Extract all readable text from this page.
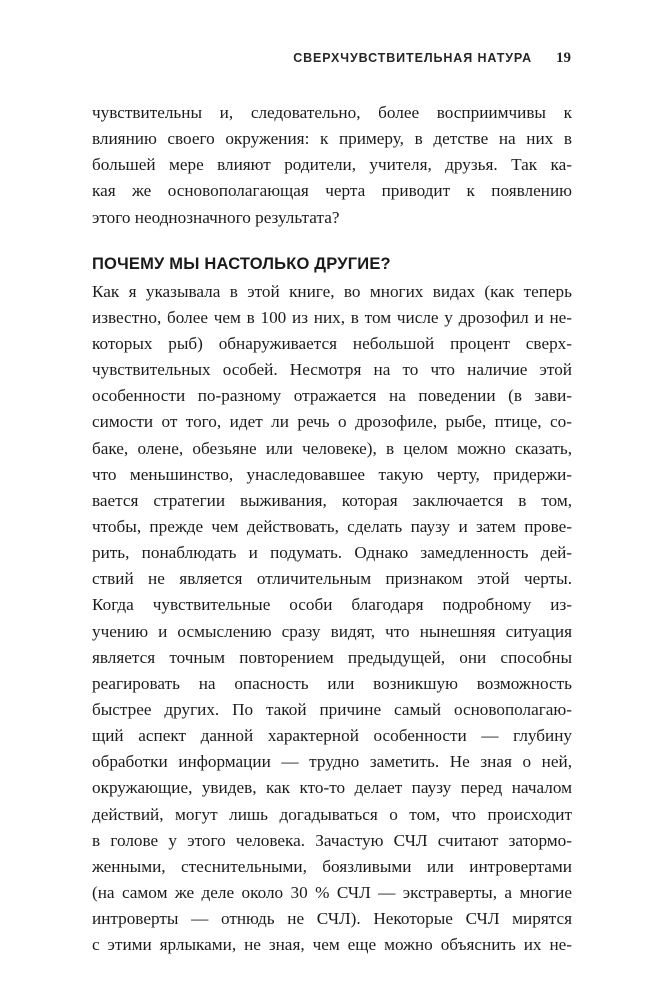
СВЕРХЧУВСТВИТЕЛЬНАЯ НАТУРА 19
чувствительны и, следовательно, более восприимчивы к
влиянию своего окружения: к примеру, в детстве на них в
большей мере влияют родители, учителя, друзья. Так ка-
кая же основополагающая черта приводит к появлению
этого неоднозначного результата?
ПОЧЕМУ МЫ НАСТОЛЬКО ДРУГИЕ?
Как я указывала в этой книге, во многих видах (как теперь
известно, более чем в 100 из них, в том числе у дрозофил и не-
которых рыб) обнаруживается небольшой процент сверх-
чувствительных особей. Несмотря на то что наличие этой
особенности по-разному отражается на поведении (в зави-
симости от того, идет ли речь о дрозофиле, рыбе, птице, со-
баке, олене, обезьяне или человеке), в целом можно сказать,
что меньшинство, унаследовавшее такую черту, придержи-
вается стратегии выживания, которая заключается в том,
чтобы, прежде чем действовать, сделать паузу и затем прове-
рить, понаблюдать и подумать. Однако замедленность дей-
ствий не является отличительным признаком этой черты.
Когда чувствительные особи благодаря подробному из-
учению и осмыслению сразу видят, что нынешняя ситуация
является точным повторением предыдущей, они способны
реагировать на опасность или возникшую возможность
быстрее других. По такой причине самый основополагаю-
щий аспект данной характерной особенности — глубину
обработки информации — трудно заметить. Не зная о ней,
окружающие, увидев, как кто-то делает паузу перед началом
действий, могут лишь догадываться о том, что происходит
в голове у этого человека. Зачастую СЧЛ считают затормо-
женными, стеснительными, боязливыми или интровертами
(на самом же деле около 30 % СЧЛ — экстраверты, а многие
интроверты — отнюдь не СЧЛ). Некоторые СЧЛ мирятся
с этими ярлыками, не зная, чем еще можно объяснить их не-
